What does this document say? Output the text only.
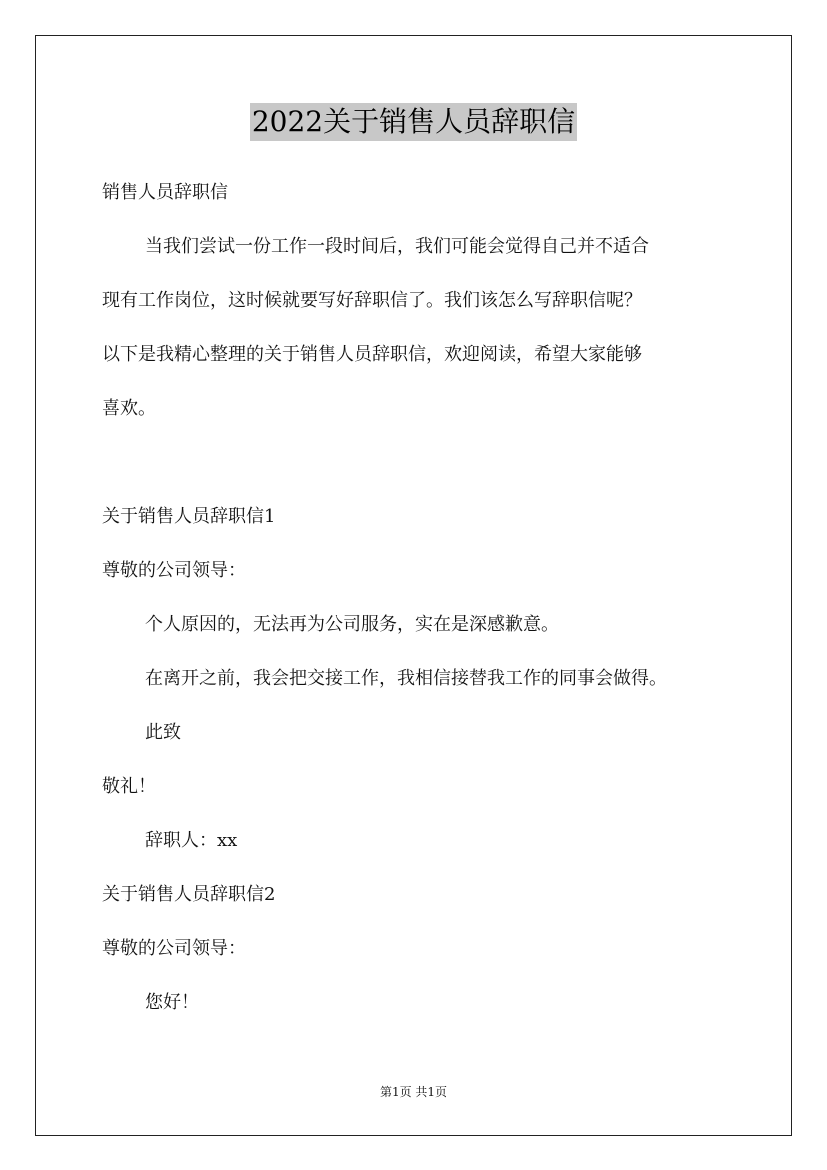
2022关于销售人员辞职信
销售人员辞职信
当我们尝试一份工作一段时间后，我们可能会觉得自己并不适合
现有工作岗位，这时候就要写好辞职信了。我们该怎么写辞职信呢？
以下是我精心整理的关于销售人员辞职信，欢迎阅读，希望大家能够
喜欢。
关于销售人员辞职信1
尊敬的公司领导：
个人原因的，无法再为公司服务，实在是深感歉意。
在离开之前，我会把交接工作，我相信接替我工作的同事会做得。
此致
敬礼！
辞职人：xx
关于销售人员辞职信2
尊敬的公司领导：
您好！
第1页 共1页
